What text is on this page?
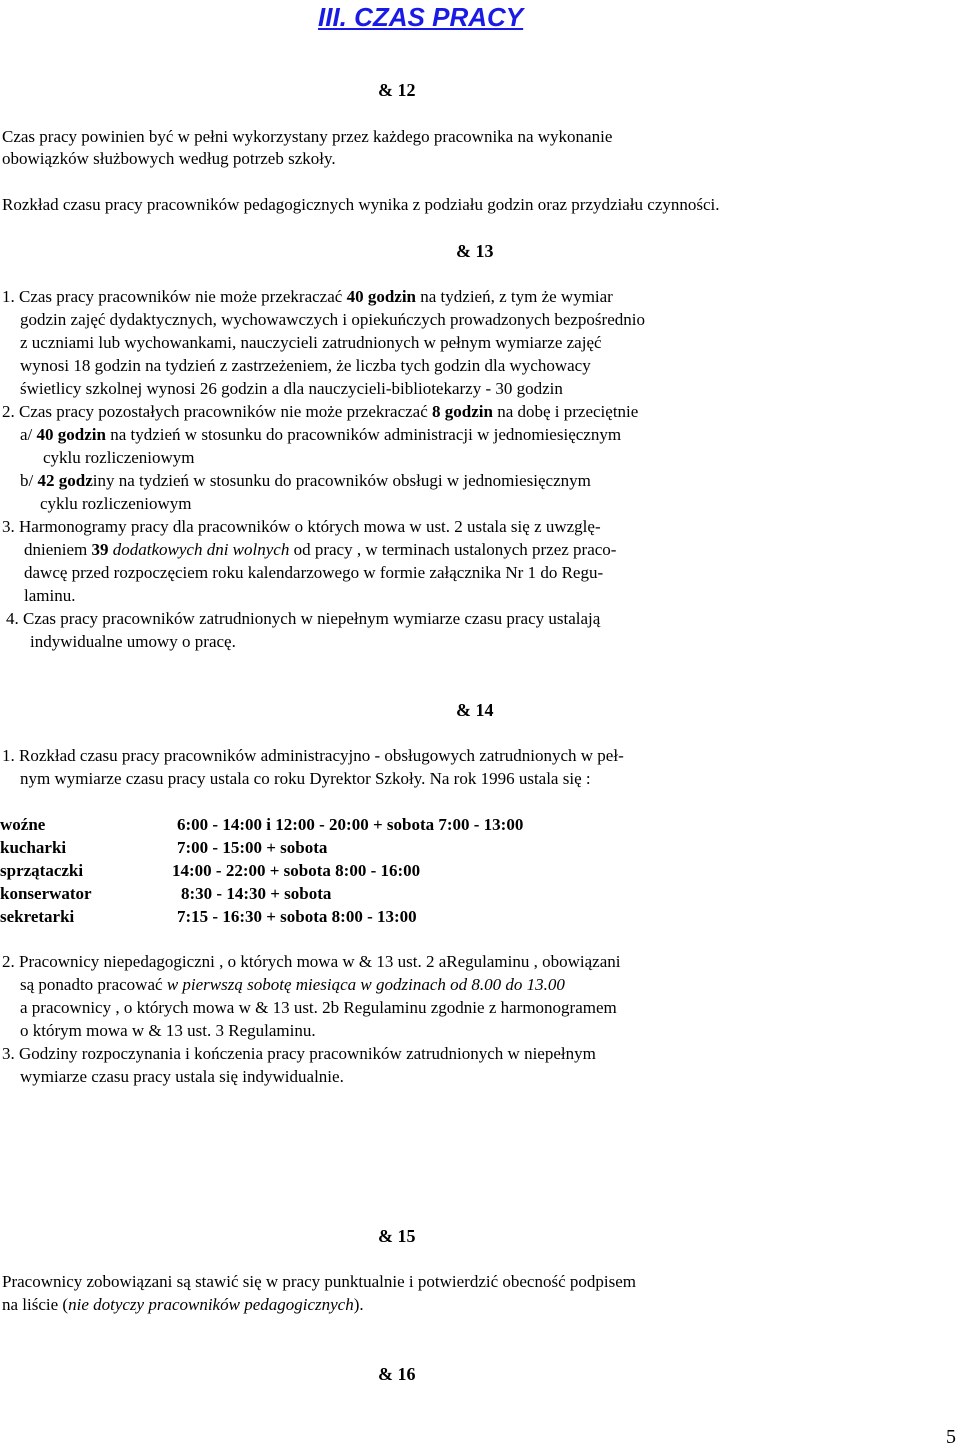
III. CZAS PRACY
& 12
Czas pracy powinien być w pełni wykorzystany przez każdego pracownika na wykonanie
obowiązków służbowych według potrzeb szkoły.
Rozkład czasu pracy pracowników pedagogicznych wynika z podziału godzin oraz przydziału czynności.
& 13
1. Czas pracy pracowników nie może przekraczać 40 godzin na tydzień, z tym że wymiar
godzin zajęć dydaktycznych, wychowawczych i opiekuńczych prowadzonych bezpośrednio
z uczniami lub wychowankami, nauczycieli zatrudnionych w pełnym wymiarze zajęć
wynosi 18 godzin na tydzień z zastrzeżeniem, że liczba tych godzin dla wychowacy
świetlicy szkolnej wynosi 26 godzin a dla nauczycieli-bibliotekarzy - 30 godzin
2. Czas pracy pozostałych pracowników nie może przekraczać 8 godzin na dobę i przeciętnie
a/ 40 godzin na tydzień w stosunku do pracowników administracji w jednomiesięcznym
cyklu rozliczeniowym
b/ 42 godziny na tydzień w stosunku do pracowników obsługi w jednomiesięcznym
cyklu rozliczeniowym
3. Harmonogramy pracy dla pracowników o których mowa w ust. 2 ustala się z uwzglę-
dnieniem 39 dodatkowych dni wolnych od pracy , w terminach ustalonych przez praco-
dawcę przed rozpoczęciem roku kalendarzowego w formie załącznika Nr 1 do Regu-
laminu.
4. Czas pracy pracowników zatrudnionych w niepełnym wymiarze czasu pracy ustalają
indywidualne umowy o pracę.
& 14
1. Rozkład czasu pracy pracowników administracyjno - obsługowych zatrudnionych w peł-
nym wymiarze czasu pracy ustala co roku Dyrektor Szkoły. Na rok 1996 ustala się :
woźne	6:00 - 14:00 i 12:00 - 20:00 + sobota 7:00 - 13:00
kucharki	7:00 - 15:00 + sobota
sprzątaczki	14:00 - 22:00 + sobota 8:00 - 16:00
konserwator	8:30 - 14:30 + sobota
sekretarki	7:15 - 16:30 + sobota 8:00 - 13:00
2. Pracownicy niepedagogiczni , o których mowa w & 13 ust. 2 aRegulaminu , obowiązani
są ponadto pracować w pierwszą sobotę miesiąca w godzinach od 8.00 do 13.00
a pracownicy , o których mowa w & 13 ust. 2b Regulaminu zgodnie z harmonogramem
o którym mowa w & 13 ust. 3 Regulaminu.
3. Godziny rozpoczynania i kończenia pracy pracowników zatrudnionych w niepełnym
wymiarze czasu pracy ustala się indywidualnie.
& 15
Pracownicy zobowiązani są stawić się w pracy punktualnie i potwierdzić obecność podpisem
na liście (nie dotyczy pracowników pedagogicznych).
& 16
5
